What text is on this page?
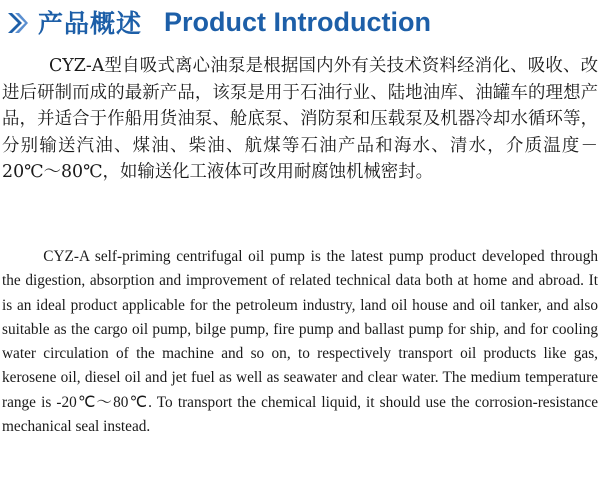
产品概述 Product Introduction

CYZ-A型自吸式离心油泵是根据国内外有关技术资料经消化、吸收、改进后研制而成的最新产品，该泵是用于石油行业、陆地油库、油罐车的理想产品，并适合于作船用货油泵、舱底泵、消防泵和压载泵及机器冷却水循环等，分别输送汽油、煤油、柴油、航煤等石油产品和海水、清水，介质温度－20℃～80℃，如输送化工液体可改用耐腐蚀机械密封。

CYZ-A self-priming centrifugal oil pump is the latest pump product developed through the digestion, absorption and improvement of related technical data both at home and abroad. It is an ideal product applicable for the petroleum industry, land oil house and oil tanker, and also suitable as the cargo oil pump, bilge pump, fire pump and ballast pump for ship, and for cooling water circulation of the machine and so on, to respectively transport oil products like gas, kerosene oil, diesel oil and jet fuel as well as seawater and clear water. The medium temperature range is -20℃～80℃. To transport the chemical liquid, it should use the corrosion-resistance mechanical seal instead.
